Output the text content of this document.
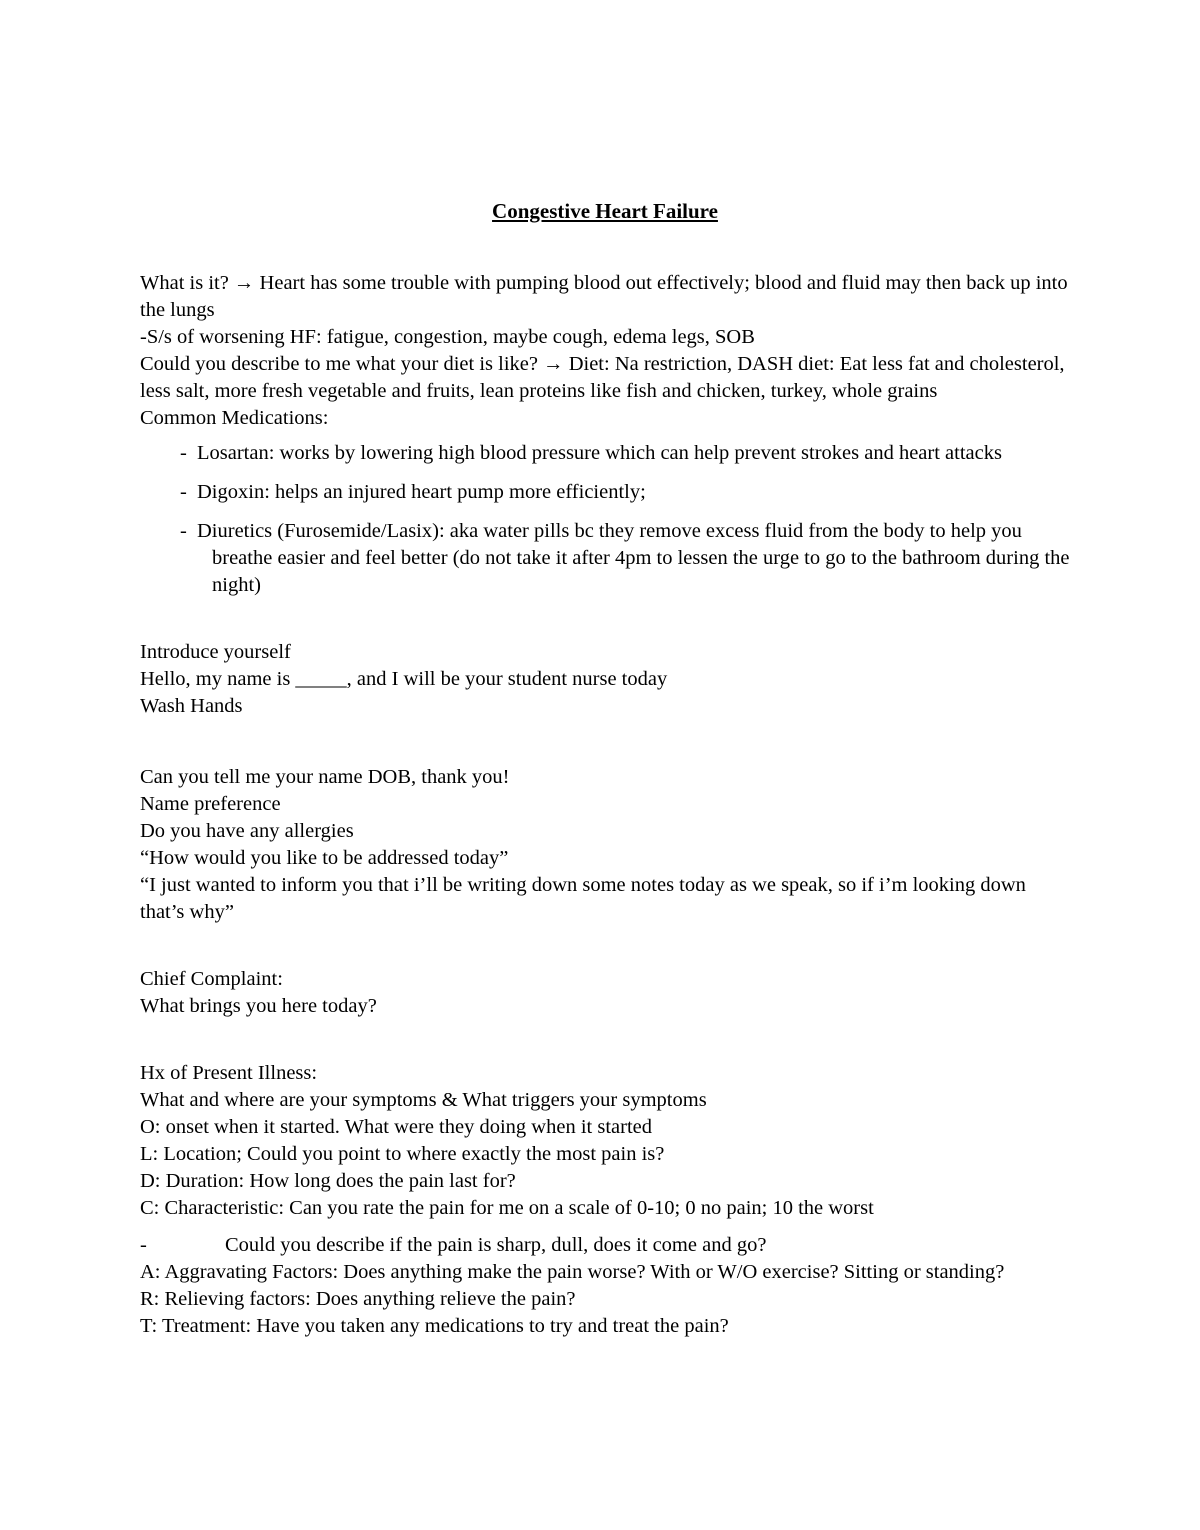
Congestive Heart Failure

What is it? → Heart has some trouble with pumping blood out effectively; blood and fluid may then back up into the lungs

-S/s of worsening HF: fatigue, congestion, maybe cough, edema legs, SOB

Could you describe to me what your diet is like? → Diet: Na restriction, DASH diet: Eat less fat and cholesterol, less salt, more fresh vegetable and fruits, lean proteins like fish and chicken, turkey, whole grains

Common Medications:

- Losartan: works by lowering high blood pressure which can help prevent strokes and heart attacks
- Digoxin: helps an injured heart pump more efficiently;
- Diuretics (Furosemide/Lasix): aka water pills bc they remove excess fluid from the body to help you breathe easier and feel better (do not take it after 4pm to lessen the urge to go to the bathroom during the night)

Introduce yourself

Hello, my name is _____, and I will be your student nurse today

Wash Hands

Can you tell me your name DOB, thank you!

Name preference

Do you have any allergies

“How would you like to be addressed today”

“I just wanted to inform you that i’ll be writing down some notes today as we speak, so if i’m looking down that’s why”

Chief Complaint:

What brings you here today?

Hx of Present Illness:

What and where are your symptoms & What triggers your symptoms

O: onset when it started. What were they doing when it started

L: Location; Could you point to where exactly the most pain is?

D: Duration: How long does the pain last for?

C: Characteristic: Can you rate the pain for me on a scale of 0-10; 0 no pain; 10 the worst

-	Could you describe if the pain is sharp, dull, does it come and go?

A: Aggravating Factors: Does anything make the pain worse? With or W/O exercise? Sitting or standing?

R: Relieving factors: Does anything relieve the pain?

T: Treatment: Have you taken any medications to try and treat the pain?
